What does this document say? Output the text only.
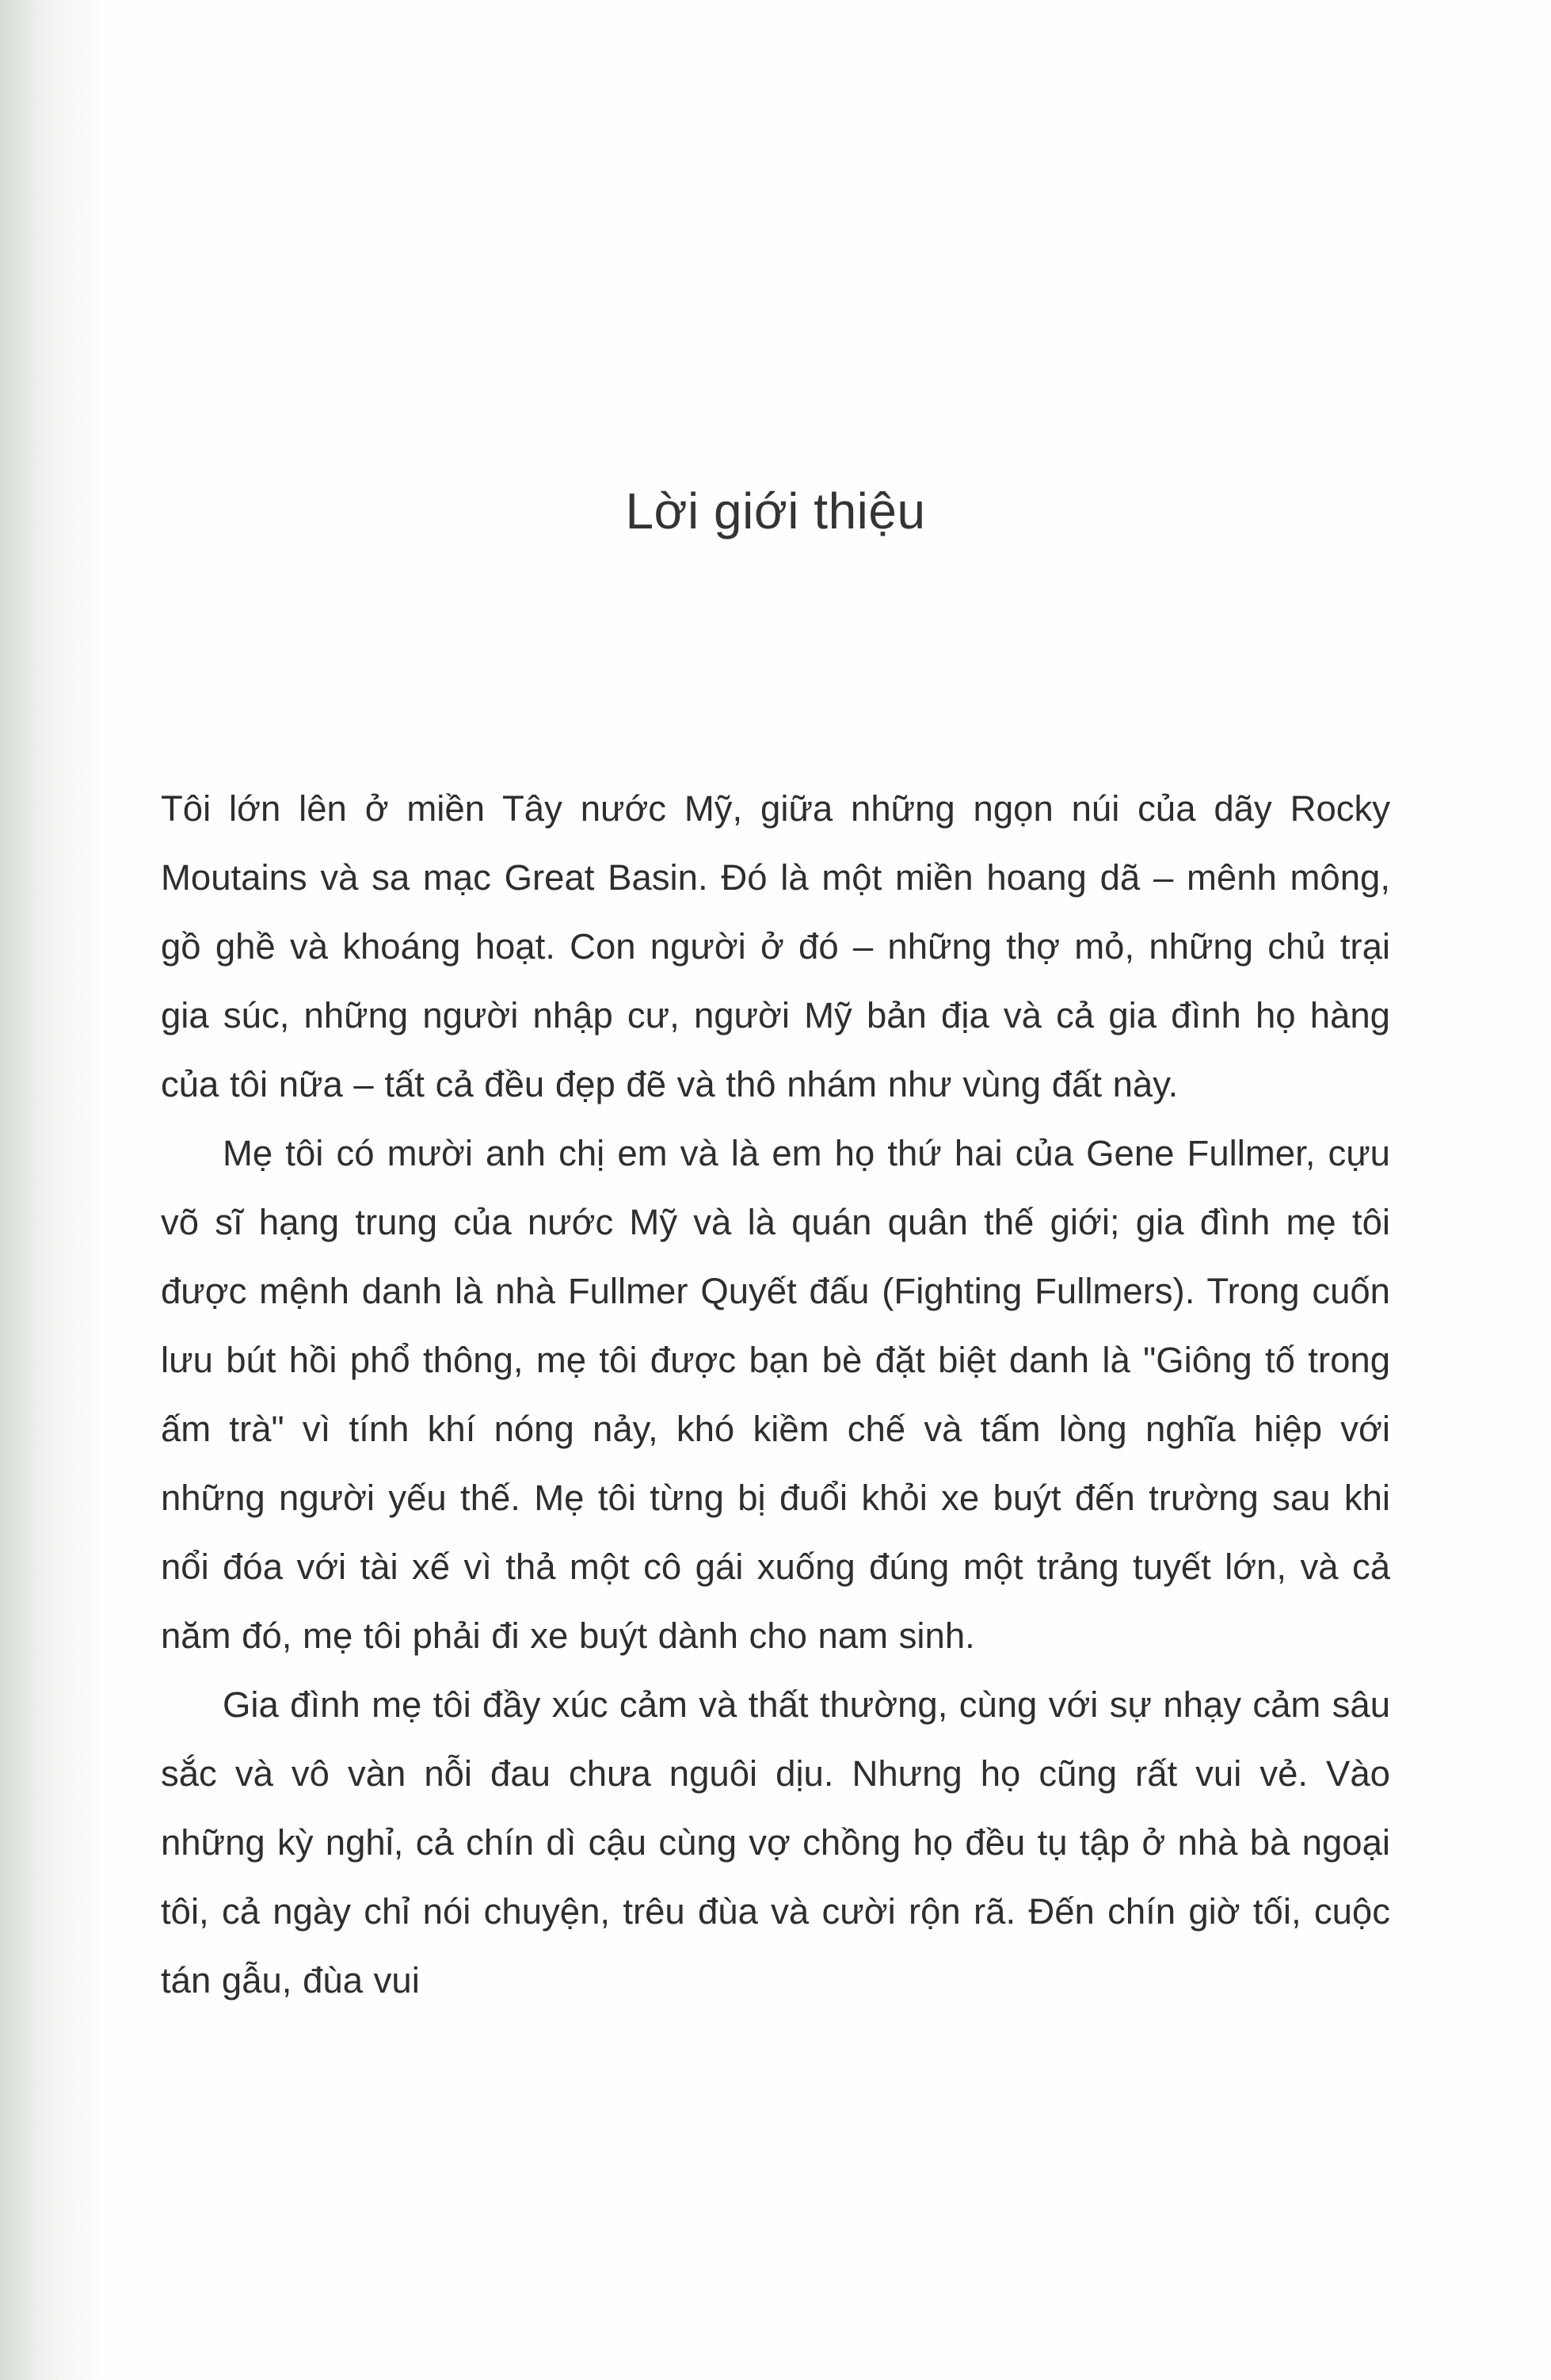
Lời giới thiệu

Tôi lớn lên ở miền Tây nước Mỹ, giữa những ngọn núi của dãy Rocky Moutains và sa mạc Great Basin. Đó là một miền hoang dã – mênh mông, gồ ghề và khoáng hoạt. Con người ở đó – những thợ mỏ, những chủ trại gia súc, những người nhập cư, người Mỹ bản địa và cả gia đình họ hàng của tôi nữa – tất cả đều đẹp đẽ và thô nhám như vùng đất này.

Mẹ tôi có mười anh chị em và là em họ thứ hai của Gene Fullmer, cựu võ sĩ hạng trung của nước Mỹ và là quán quân thế giới; gia đình mẹ tôi được mệnh danh là nhà Fullmer Quyết đấu (Fighting Fullmers). Trong cuốn lưu bút hồi phổ thông, mẹ tôi được bạn bè đặt biệt danh là "Giông tố trong ấm trà" vì tính khí nóng nảy, khó kiềm chế và tấm lòng nghĩa hiệp với những người yếu thế. Mẹ tôi từng bị đuổi khỏi xe buýt đến trường sau khi nổi đóa với tài xế vì thả một cô gái xuống đúng một trảng tuyết lớn, và cả năm đó, mẹ tôi phải đi xe buýt dành cho nam sinh.

Gia đình mẹ tôi đầy xúc cảm và thất thường, cùng với sự nhạy cảm sâu sắc và vô vàn nỗi đau chưa nguôi dịu. Nhưng họ cũng rất vui vẻ. Vào những kỳ nghỉ, cả chín dì cậu cùng vợ chồng họ đều tụ tập ở nhà bà ngoại tôi, cả ngày chỉ nói chuyện, trêu đùa và cười rộn rã. Đến chín giờ tối, cuộc tán gẫu, đùa vui
